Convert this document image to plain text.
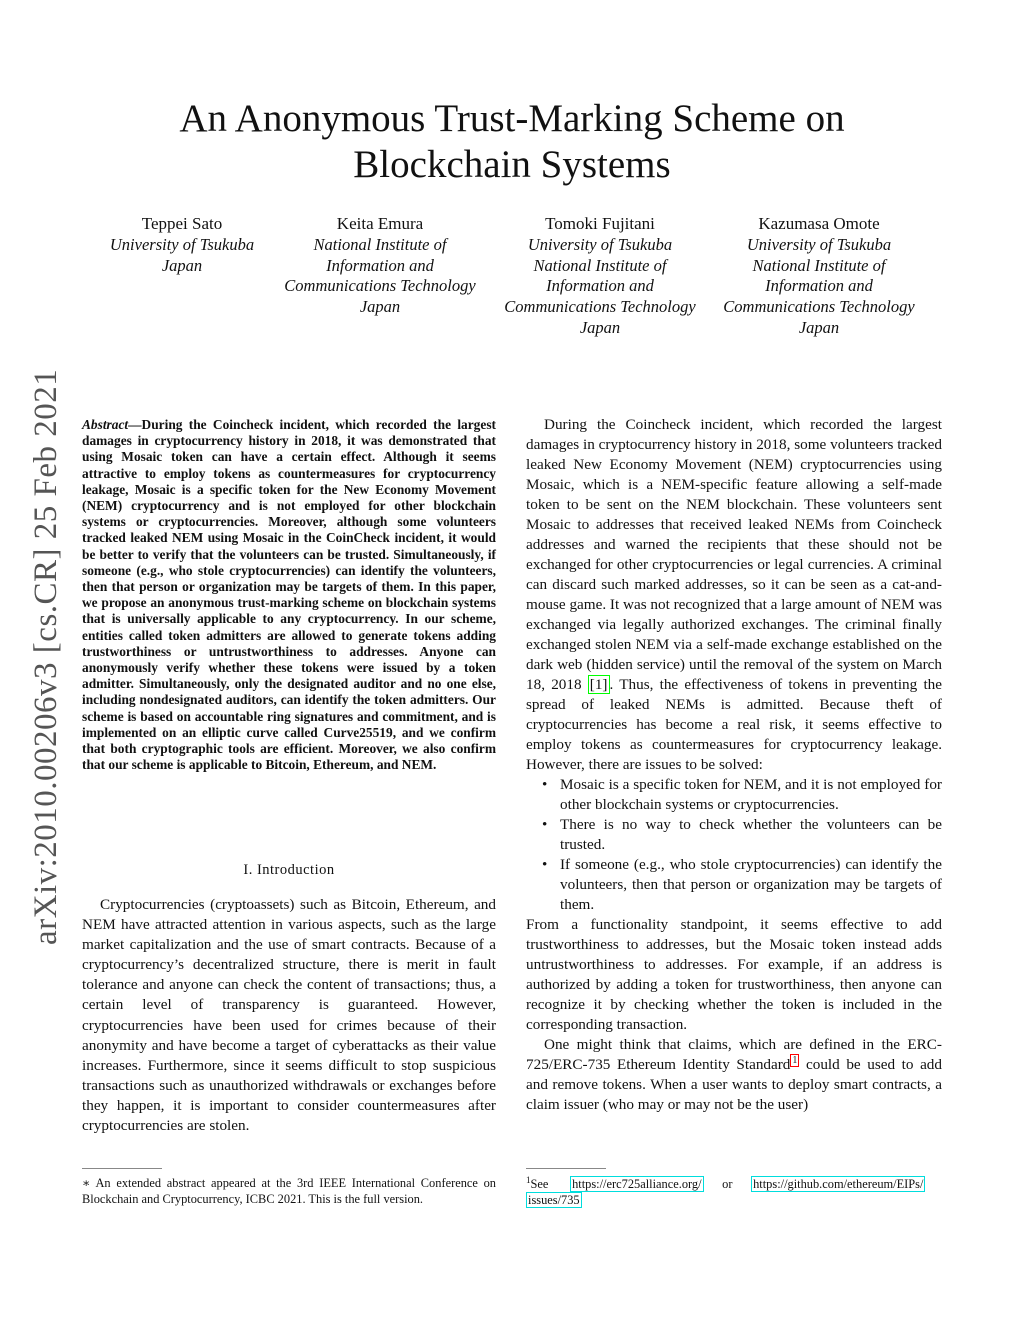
An Anonymous Trust-Marking Scheme on
Blockchain Systems
arXiv:2010.00206v3 [cs.CR] 25 Feb 2021
Teppei Sato
University of Tsukuba
Japan
Keita Emura
National Institute of
Information and
Communications Technology
Japan
Tomoki Fujitani
University of Tsukuba
National Institute of
Information and
Communications Technology
Japan
Kazumasa Omote
University of Tsukuba
National Institute of
Information and
Communications Technology
Japan
Abstract—During the Coincheck incident, which recorded the largest damages in cryptocurrency history in 2018, it was demonstrated that using Mosaic token can have a certain effect. Although it seems attractive to employ tokens as countermeasures for cryptocurrency leakage, Mosaic is a specific token for the New Economy Movement (NEM) cryptocurrency and is not employed for other blockchain systems or cryptocurrencies. Moreover, although some volunteers tracked leaked NEM using Mosaic in the CoinCheck incident, it would be better to verify that the volunteers can be trusted. Simultaneously, if someone (e.g., who stole cryptocurrencies) can identify the volunteers, then that person or organization may be targets of them. In this paper, we propose an anonymous trust-marking scheme on blockchain systems that is universally applicable to any cryptocurrency. In our scheme, entities called token admitters are allowed to generate tokens adding trustworthiness or untrustworthiness to addresses. Anyone can anonymously verify whether these tokens were issued by a token admitter. Simultaneously, only the designated auditor and no one else, including nondesignated auditors, can identify the token admitters. Our scheme is based on accountable ring signatures and commitment, and is implemented on an elliptic curve called Curve25519, and we confirm that both cryptographic tools are efficient. Moreover, we also confirm that our scheme is applicable to Bitcoin, Ethereum, and NEM.
I. Introduction
Cryptocurrencies (cryptoassets) such as Bitcoin, Ethereum, and NEM have attracted attention in various aspects, such as the large market capitalization and the use of smart contracts. Because of a cryptocurrency’s decentralized structure, there is merit in fault tolerance and anyone can check the content of transactions; thus, a certain level of transparency is guaranteed. However, cryptocurrencies have been used for crimes because of their anonymity and have become a target of cyberattacks as their value increases. Furthermore, since it seems difficult to stop suspicious transactions such as unauthorized withdrawals or exchanges before they happen, it is important to consider countermeasures after cryptocurrencies are stolen.

During the Coincheck incident, which recorded the largest damages in cryptocurrency history in 2018, some volunteers tracked leaked New Economy Movement (NEM) cryptocurrencies using Mosaic, which is a NEM-specific feature allowing a self-made token to be sent on the NEM blockchain. These volunteers sent Mosaic to addresses that received leaked NEMs from Coincheck addresses and warned the recipients that these should not be exchanged for other cryptocurrencies or legal currencies. A criminal can discard such marked addresses, so it can be seen as a cat-and-mouse game. It was not recognized that a large amount of NEM was exchanged via legally authorized exchanges. The criminal finally exchanged stolen NEM via a self-made exchange established on the dark web (hidden service) until the removal of the system on March 18, 2018 [1] . Thus, the effectiveness of tokens in preventing the spread of leaked NEMs is admitted. Because theft of cryptocurrencies has become a real risk, it seems effective to employ tokens as countermeasures for cryptocurrency leakage. However, there are issues to be solved:

• Mosaic is a specific token for NEM, and it is not employed for other blockchain systems or cryptocurrencies.
• There is no way to check whether the volunteers can be trusted.
• If someone (e.g., who stole cryptocurrencies) can identify the volunteers, then that person or organization may be targets of them.

From a functionality standpoint, it seems effective to add trustworthiness to addresses, but the Mosaic token instead adds untrustworthiness to addresses. For example, if an address is authorized by adding a token for trustworthiness, then anyone can recognize it by checking whether the token is included in the corresponding transaction.

One might think that claims, which are defined in the ERC-725/ERC-735 Ethereum Identity Standard $^1$ could be used to add and remove tokens. When a user wants to deploy smart contracts, a claim issuer (who may or may not be the user)

∗ An extended abstract appeared at the 3rd IEEE International Conference on Blockchain and Cryptocurrency, ICBC 2021. This is the full version.
$^1$See https://erc725alliance.org/ or https://github.com/ethereum/EIPs/
issues/735
